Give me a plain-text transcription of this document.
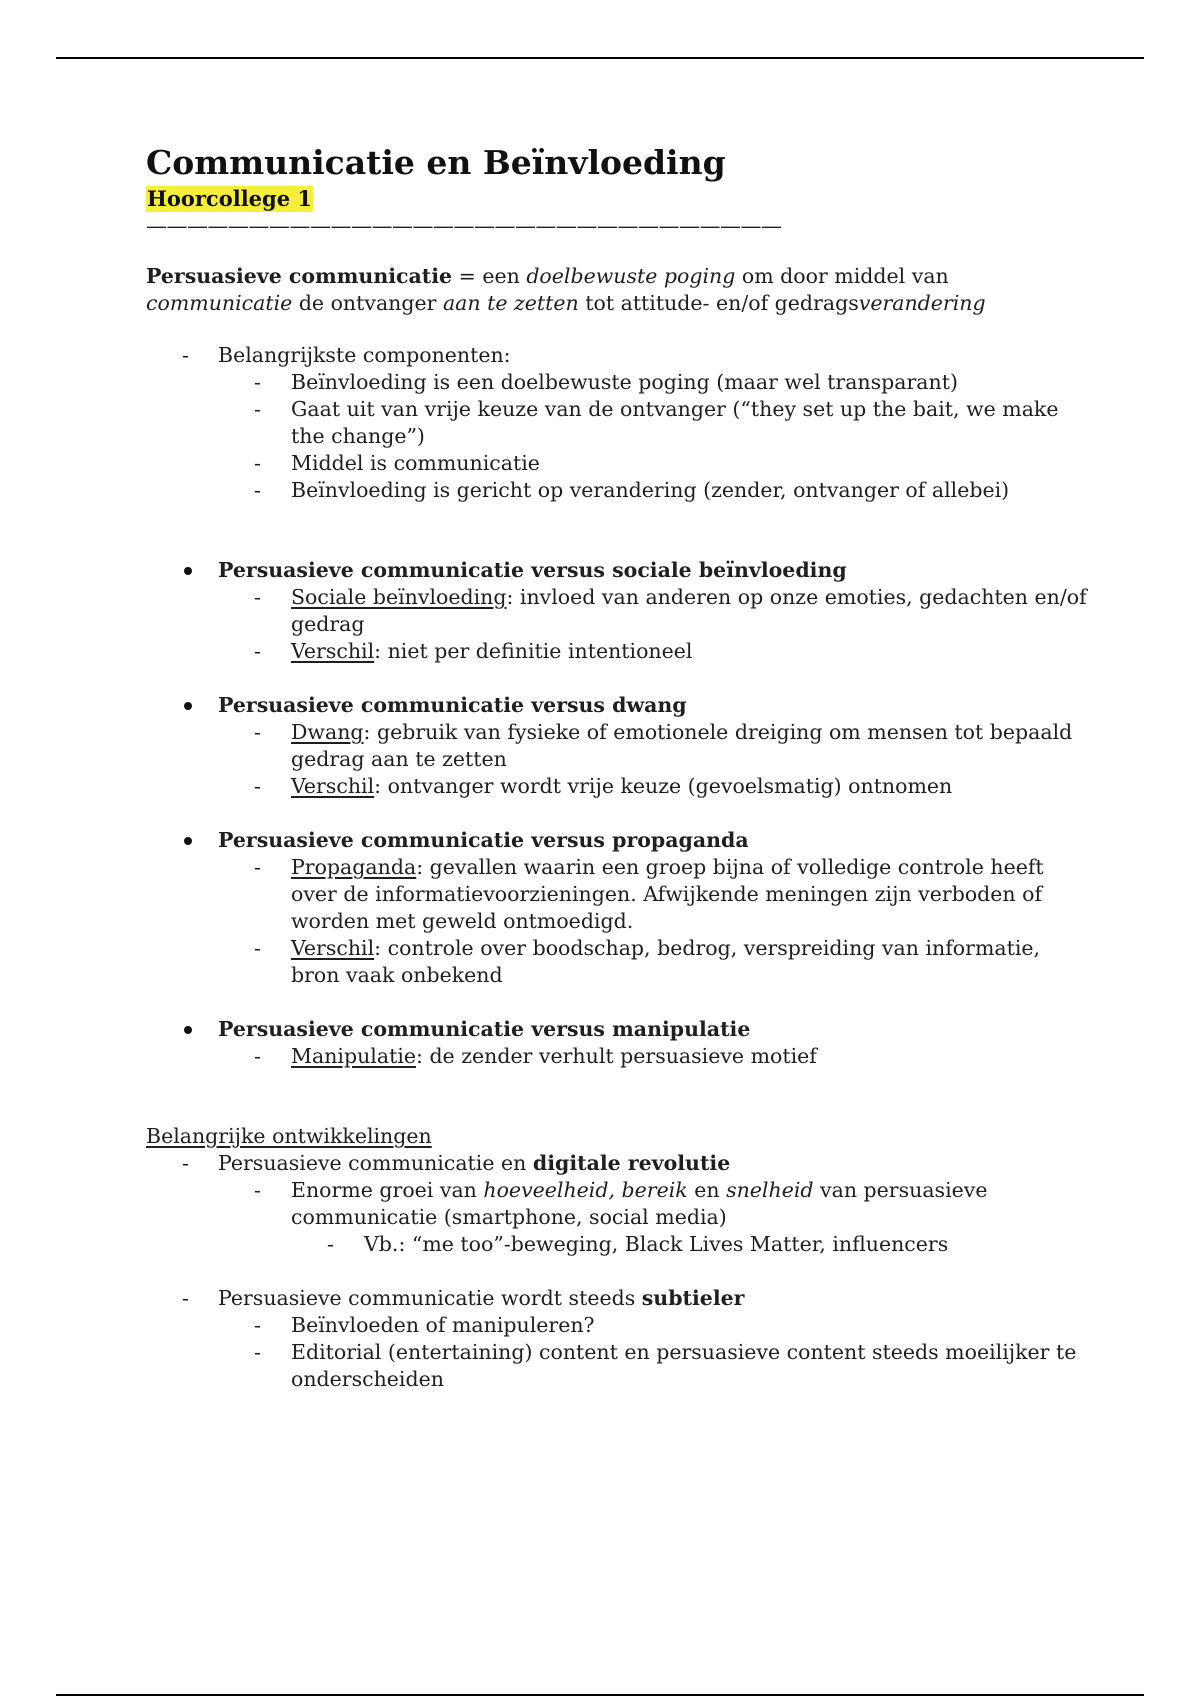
Communicatie en Beïnvloeding
Hoorcollege 1
———————————————————————————————

Persuasieve communicatie = een doelbewuste poging om door middel van communicatie de ontvanger aan te zetten tot attitude- en/of gedragsverandering

-	Belangrijkste componenten:
-	Beïnvloeding is een doelbewuste poging (maar wel transparant)
-	Gaat uit van vrije keuze van de ontvanger (“they set up the bait, we make the change”)
-	Middel is communicatie
-	Beïnvloeding is gericht op verandering (zender, ontvanger of allebei)
Persuasieve communicatie versus sociale beïnvloeding
-	Sociale beïnvloeding: invloed van anderen op onze emoties, gedachten en/of gedrag
-	Verschil: niet per definitie intentioneel
Persuasieve communicatie versus dwang
-	Dwang: gebruik van fysieke of emotionele dreiging om mensen tot bepaald gedrag aan te zetten
-	Verschil: ontvanger wordt vrije keuze (gevoelsmatig) ontnomen
Persuasieve communicatie versus propaganda
-	Propaganda: gevallen waarin een groep bijna of volledige controle heeft over de informatievoorzieningen. Afwijkende meningen zijn verboden of worden met geweld ontmoedigd.
-	Verschil: controle over boodschap, bedrog, verspreiding van informatie, bron vaak onbekend
Persuasieve communicatie versus manipulatie
-	Manipulatie: de zender verhult persuasieve motief
Belangrijke ontwikkelingen
-	Persuasieve communicatie en digitale revolutie
-	Enorme groei van hoeveelheid, bereik en snelheid van persuasieve communicatie (smartphone, social media)
-	Vb.: “me too”-beweging, Black Lives Matter, influencers
-	Persuasieve communicatie wordt steeds subtieler
-	Beïnvloeden of manipuleren?
-	Editorial (entertaining) content en persuasieve content steeds moeilijker te onderscheiden
